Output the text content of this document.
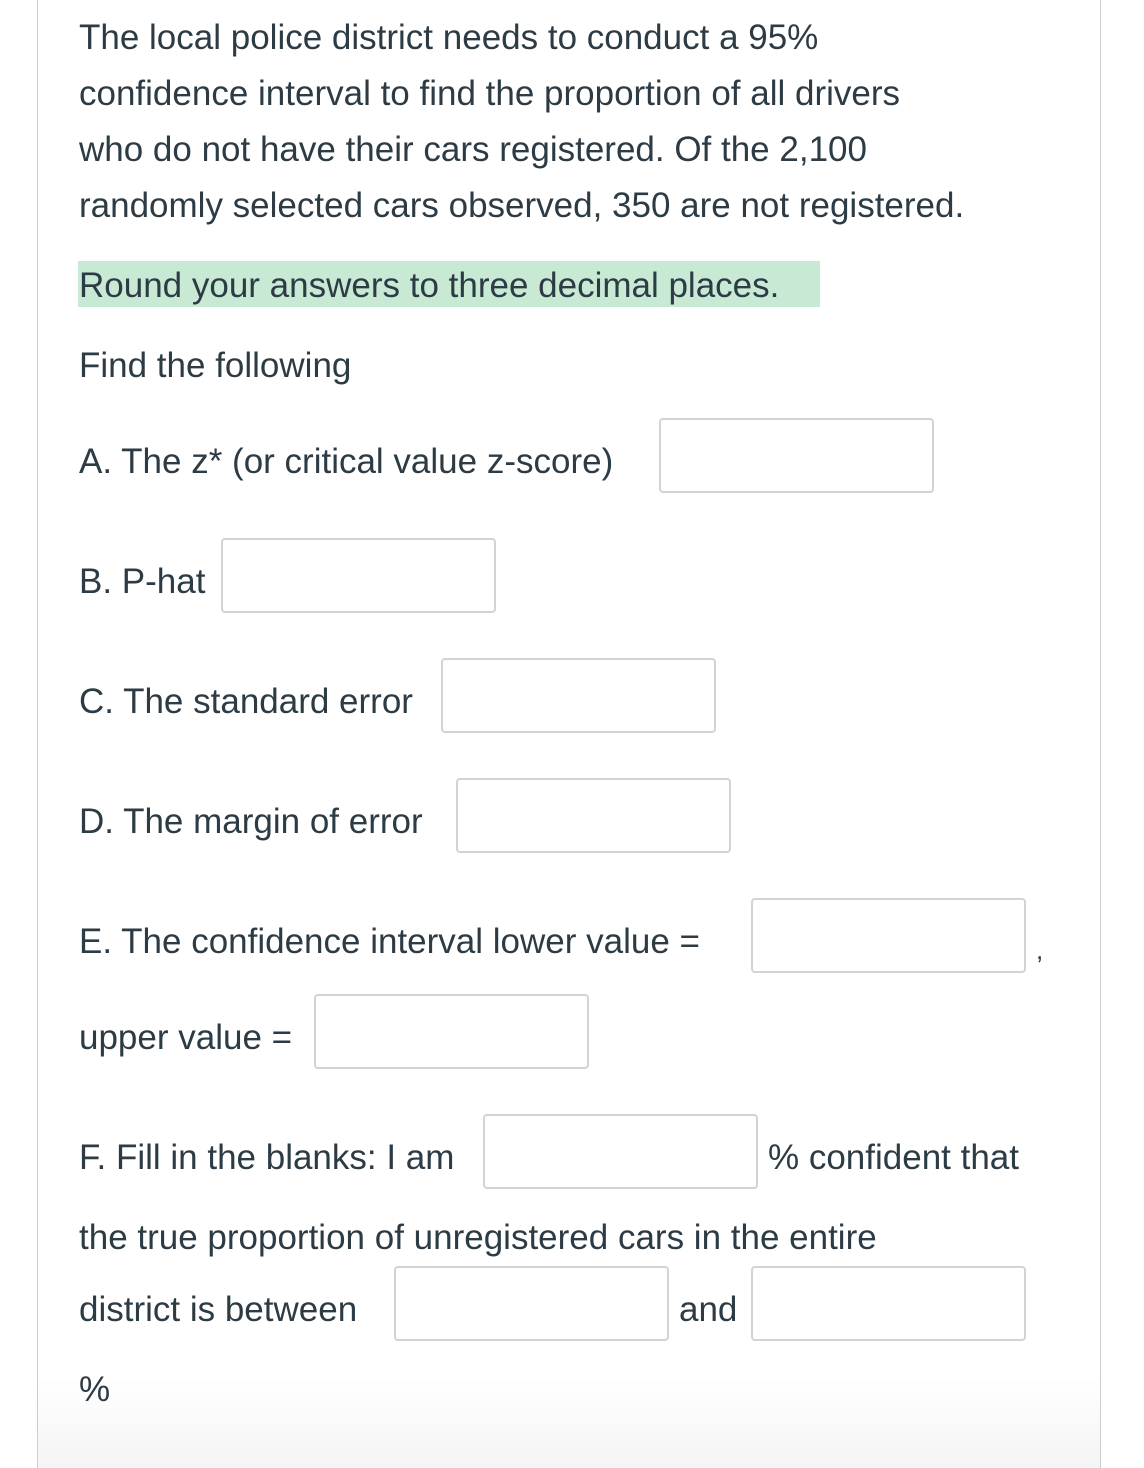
The local police district needs to conduct a 95%
confidence interval to find the proportion of all drivers
who do not have their cars registered. Of the 2,100
randomly selected cars observed, 350 are not registered.
Round your answers to three decimal places.
Find the following
A. The z* (or critical value z-score)
B. P-hat
C. The standard error
D. The margin of error
E. The confidence interval lower value =	,
upper value =
F. Fill in the blanks: I am	% confident that
the true proportion of unregistered cars in the entire
district is between	and
%
